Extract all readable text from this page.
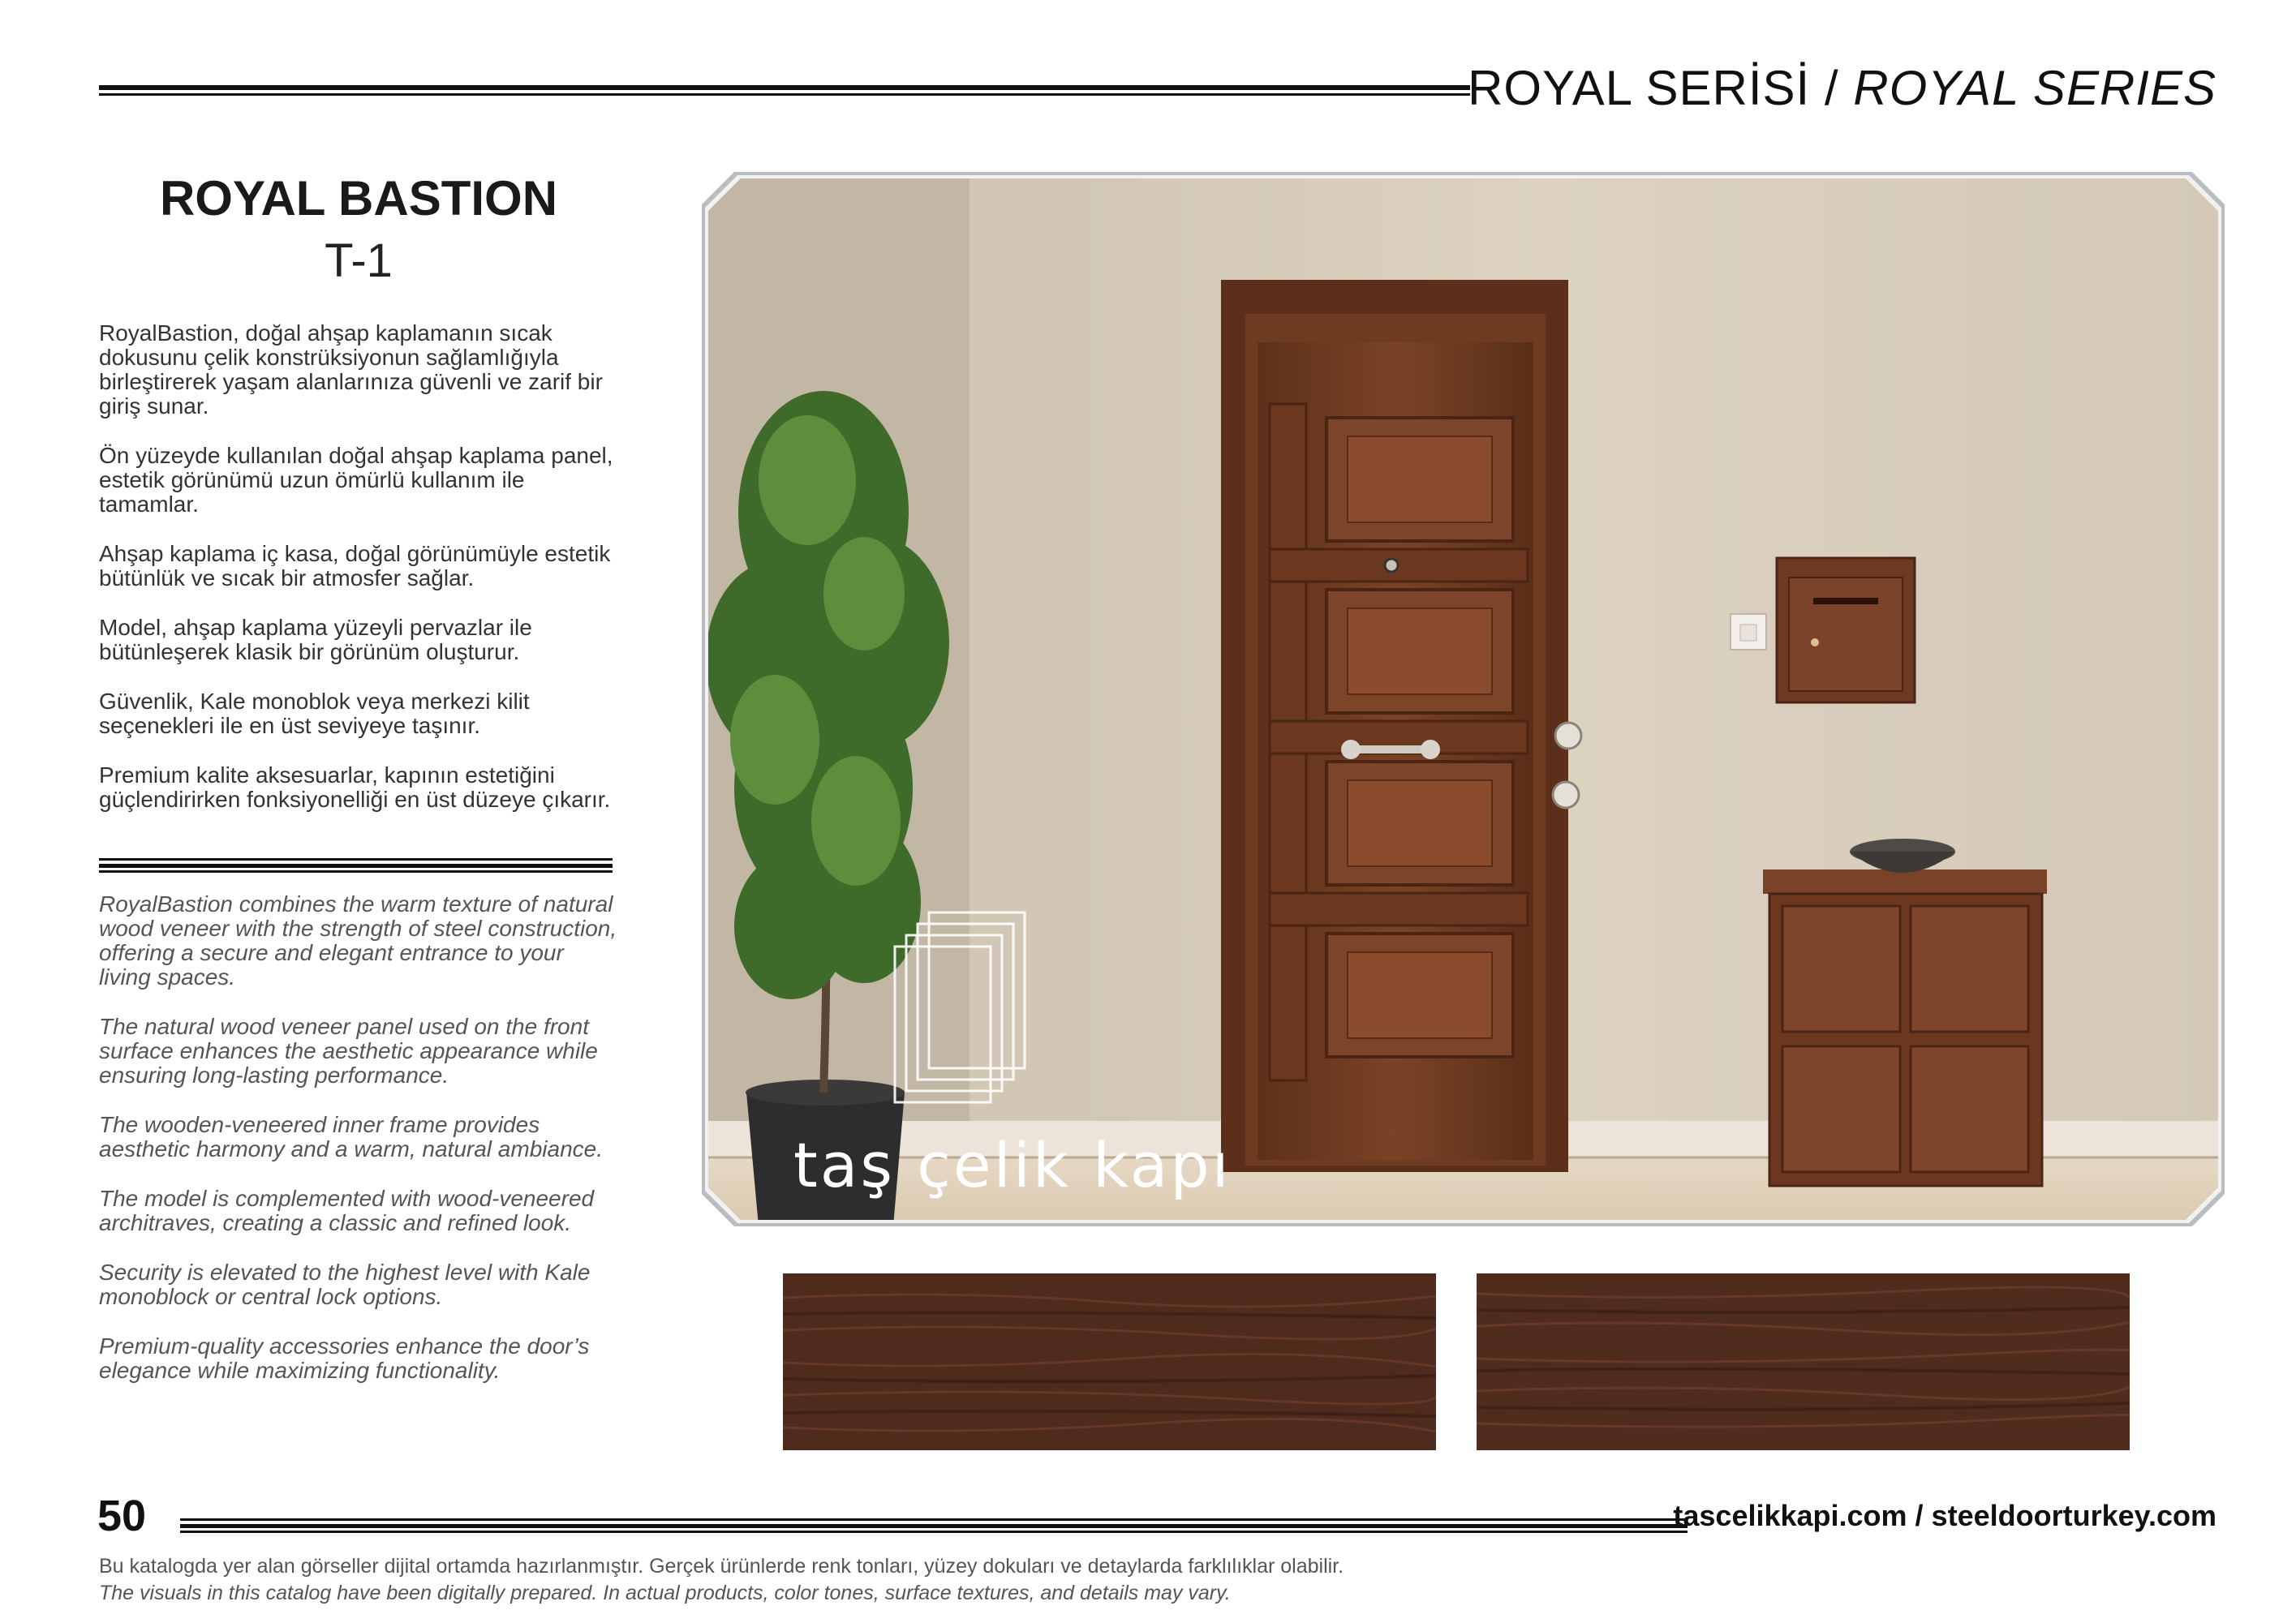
ROYAL SERİSİ / ROYAL SERIES
ROYAL BASTION
T-1

RoyalBastion, doğal ahşap kaplamanın sıcak dokusunu çelik konstrüksiyonun sağlamlığıyla birleştirerek yaşam alanlarınıza güvenli ve zarif bir giriş sunar.

Ön yüzeyde kullanılan doğal ahşap kaplama panel, estetik görünümü uzun ömürlü kullanım ile tamamlar.

Ahşap kaplama iç kasa, doğal görünümüyle estetik bütünlük ve sıcak bir atmosfer sağlar.

Model, ahşap kaplama yüzeyli pervazlar ile bütünleşerek klasik bir görünüm oluşturur.

Güvenlik, Kale monoblok veya merkezi kilit seçenekleri ile en üst seviyeye taşınır.

Premium kalite aksesuarlar, kapının estetiğini güçlendirirken fonksiyonelliği en üst düzeye çıkarır.

RoyalBastion combines the warm texture of natural wood veneer with the strength of steel construction, offering a secure and elegant entrance to your living spaces.

The natural wood veneer panel used on the front surface enhances the aesthetic appearance while ensuring long-lasting performance.

The wooden-veneered inner frame provides aesthetic harmony and a warm, natural ambiance.

The model is complemented with wood-veneered architraves, creating a classic and refined look.

Security is elevated to the highest level with Kale monoblock or central lock options.

Premium-quality accessories enhance the door’s elegance while maximizing functionality.

taş çelik kapı
50	tascelikkapi.com / steeldoorturkey.com
Bu katalogda yer alan görseller dijital ortamda hazırlanmıştır. Gerçek ürünlerde renk tonları, yüzey dokuları ve detaylarda farklılıklar olabilir.
The visuals in this catalog have been digitally prepared. In actual products, color tones, surface textures, and details may vary.
